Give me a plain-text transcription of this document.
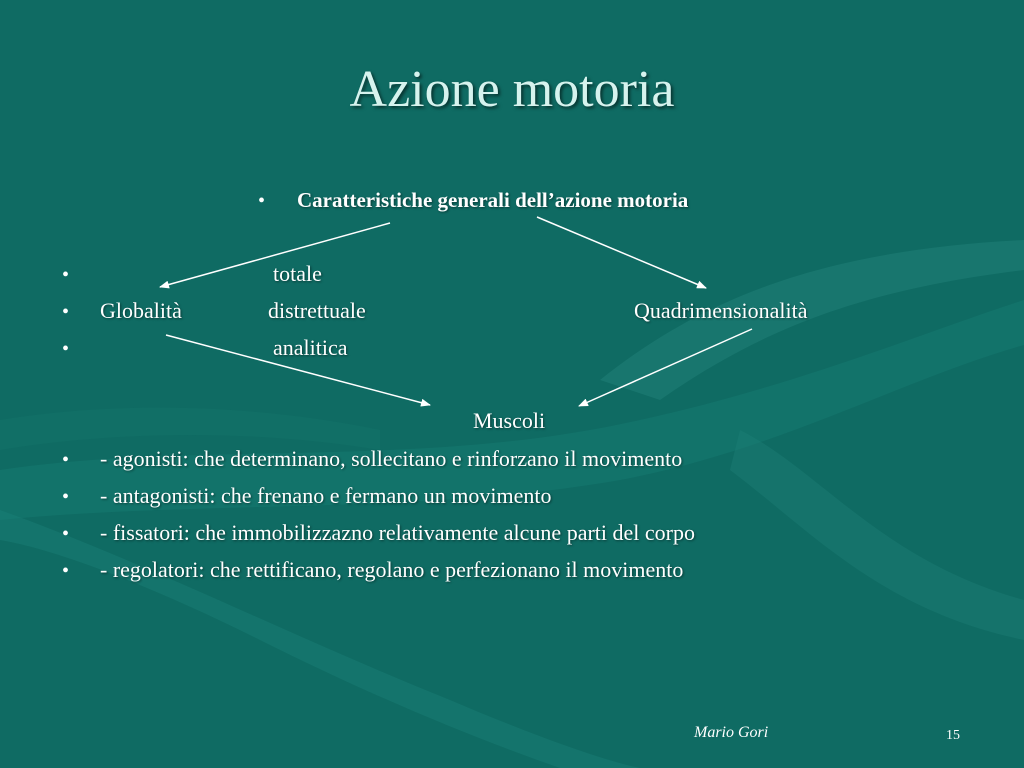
Azione motoria
• Caratteristiche generali dell’azione motoria
•	totale
• Globalità	distrettuale	Quadrimensionalità
•	analitica
Muscoli
• - agonisti: che determinano, sollecitano e rinforzano il movimento
• - antagonisti: che frenano e fermano un movimento
• - fissatori: che immobilizzazno relativamente alcune parti del corpo
• - regolatori: che rettificano, regolano e perfezionano il movimento
Mario Gori	15
